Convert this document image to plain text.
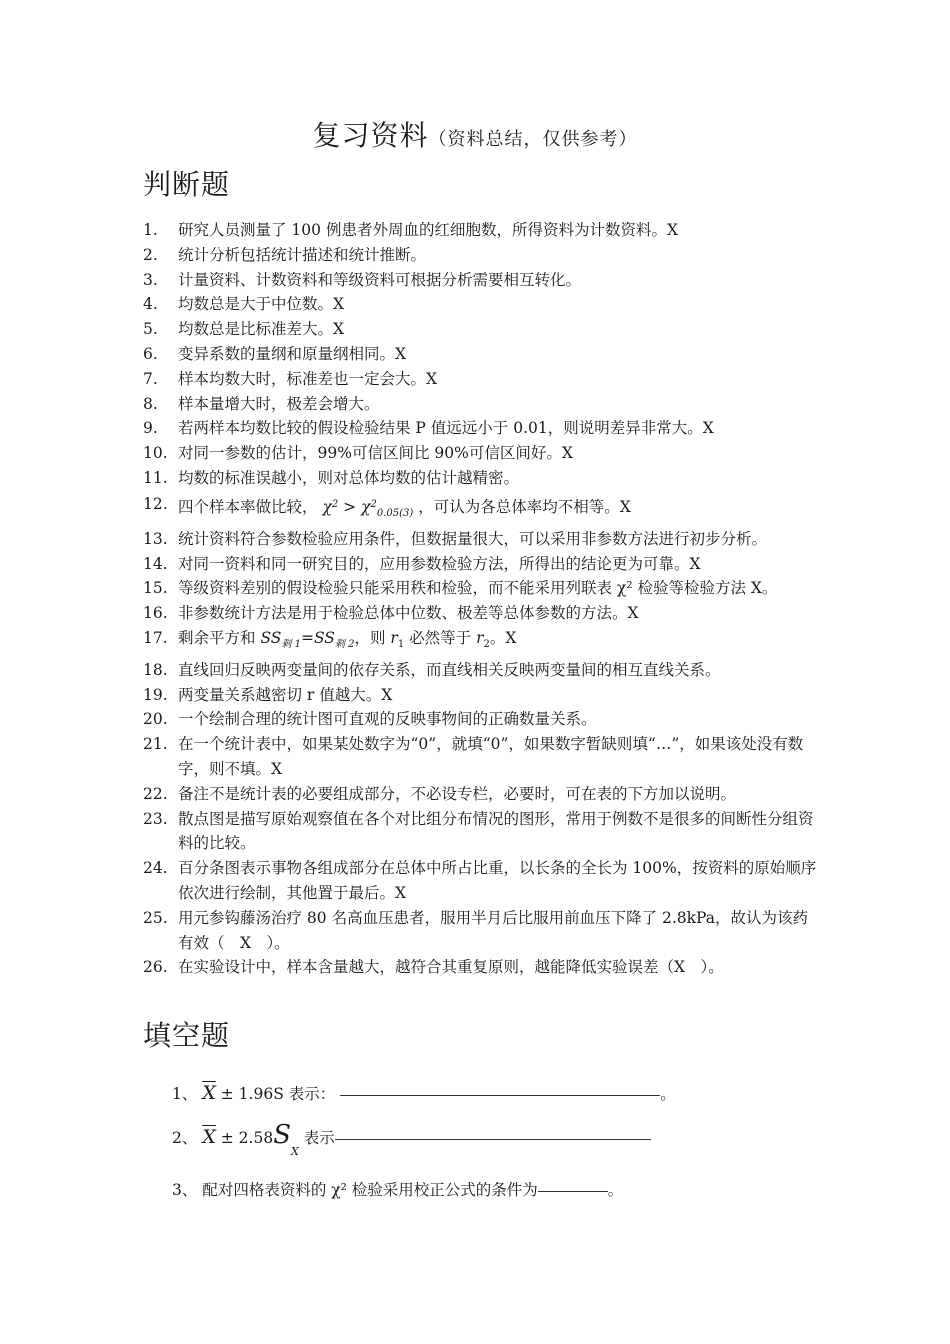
复习资料（资料总结，仅供参考）
判断题
1. 研究人员测量了 100 例患者外周血的红细胞数，所得资料为计数资料。X
2. 统计分析包括统计描述和统计推断。
3. 计量资料、计数资料和等级资料可根据分析需要相互转化。
4. 均数总是大于中位数。X
5. 均数总是比标准差大。X
6. 变异系数的量纲和原量纲相同。X
7. 样本均数大时，标准差也一定会大。X
8. 样本量增大时，极差会增大。
9. 若两样本均数比较的假设检验结果 P 值远远小于 0.01，则说明差异非常大。X
10. 对同一参数的估计，99%可信区间比 90%可信区间好。X
11. 均数的标准误越小，则对总体均数的估计越精密。
12. 四个样本率做比较， $\chi^2 > \chi^2_{0.05(3)}$ ，可认为各总体率均不相等。X
13. 统计资料符合参数检验应用条件，但数据量很大，可以采用非参数方法进行初步分析。
14. 对同一资料和同一研究目的，应用参数检验方法，所得出的结论更为可靠。X
15. 等级资料差别的假设检验只能采用秩和检验，而不能采用列联表 χ² 检验等检验方法 X。
16. 非参数统计方法是用于检验总体中位数、极差等总体参数的方法。X
17. 剩余平方和 $SS_{剩 1}=SS_{剩 2}$，则 $r_1$ 必然等于 $r_2$。X
18. 直线回归反映两变量间的依存关系，而直线相关反映两变量间的相互直线关系。
19. 两变量关系越密切 r 值越大。X
20. 一个绘制合理的统计图可直观的反映事物间的正确数量关系。
21. 在一个统计表中，如果某处数字为“0”，就填“0”，如果数字暂缺则填“…”，如果该处没有数字，则不填。X
22. 备注不是统计表的必要组成部分，不必设专栏，必要时，可在表的下方加以说明。
23. 散点图是描写原始观察值在各个对比组分布情况的图形，常用于例数不是很多的间断性分组资料的比较。
24. 百分条图表示事物各组成部分在总体中所占比重，以长条的全长为 100%，按资料的原始顺序依次进行绘制，其他置于最后。X
25. 用元参钩藤汤治疗 80 名高血压患者，服用半月后比服用前血压下降了 2.8kPa，故认为该药有效（　X　）。
26. 在实验设计中，样本含量越大，越符合其重复原则，越能降低实验误差（X　）。
填空题
1、 $\overline{X} \pm 1.96S$ 表示：	。
2、 $\overline{X} \pm 2.58S_X$ 表示
3、 配对四格表资料的 χ² 检验采用校正公式的条件为	。
